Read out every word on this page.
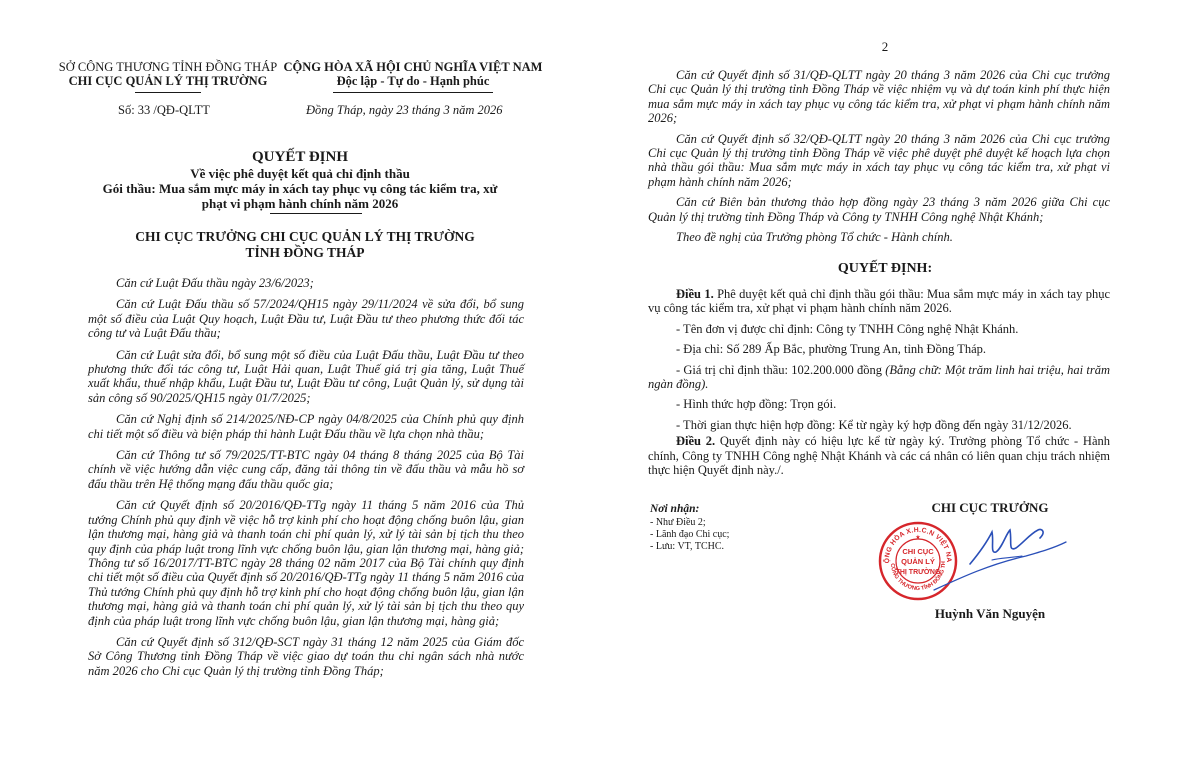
SỞ CÔNG THƯƠNG TỈNH ĐỒNG THÁP
CHI CỤC QUẢN LÝ THỊ TRƯỜNG
CỘNG HÒA XÃ HỘI CHỦ NGHĨA VIỆT NAM
Độc lập - Tự do - Hạnh phúc
Số: 33 /QĐ-QLTT	Đồng Tháp, ngày 23 tháng 3 năm 2026
QUYẾT ĐỊNH
Về việc phê duyệt kết quả chỉ định thầu
Gói thầu: Mua sắm mực máy in xách tay phục vụ công tác kiểm tra, xử
phạt vi phạm hành chính năm 2026
CHI CỤC TRƯỞNG CHI CỤC QUẢN LÝ THỊ TRƯỜNG
TỈNH ĐỒNG THÁP

Căn cứ Luật Đấu thầu ngày 23/6/2023;

Căn cứ Luật Đấu thầu số 57/2024/QH15 ngày 29/11/2024 về sửa đổi, bổ sung một số điều của Luật Quy hoạch, Luật Đầu tư, Luật Đầu tư theo phương thức đối tác công tư và Luật Đấu thầu;

Căn cứ Luật sửa đổi, bổ sung một số điều của Luật Đấu thầu, Luật Đầu tư theo phương thức đối tác công tư, Luật Hải quan, Luật Thuế giá trị gia tăng, Luật Thuế xuất khẩu, thuế nhập khẩu, Luật Đầu tư, Luật Đầu tư công, Luật Quản lý, sử dụng tài sản công số 90/2025/QH15 ngày 01/7/2025;

Căn cứ Nghị định số 214/2025/NĐ-CP ngày 04/8/2025 của Chính phủ quy định chi tiết một số điều và biện pháp thi hành Luật Đấu thầu về lựa chọn nhà thầu;

Căn cứ Thông tư số 79/2025/TT-BTC ngày 04 tháng 8 tháng 2025 của Bộ Tài chính về việc hướng dẫn việc cung cấp, đăng tải thông tin về đấu thầu và mẫu hồ sơ đấu thầu trên Hệ thống mạng đấu thầu quốc gia;

Căn cứ Quyết định số 20/2016/QĐ-TTg ngày 11 tháng 5 năm 2016 của Thủ tướng Chính phủ quy định về việc hỗ trợ kinh phí cho hoạt động chống buôn lậu, gian lận thương mại, hàng giả và thanh toán chi phí quản lý, xử lý tài sản bị tịch thu theo quy định của pháp luật trong lĩnh vực chống buôn lậu, gian lận thương mại, hàng giả; Thông tư số 16/2017/TT-BTC ngày 28 tháng 02 năm 2017 của Bộ Tài chính quy định chi tiết một số điều của Quyết định số 20/2016/QĐ-TTg ngày 11 tháng 5 năm 2016 của Thủ tướng Chính phủ quy định hỗ trợ kinh phí cho hoạt động chống buôn lậu, gian lận thương mại, hàng giả và thanh toán chi phí quản lý, xử lý tài sản bị tịch thu theo quy định của pháp luật trong lĩnh vực chống buôn lậu, gian lận thương mại, hàng giả;

Căn cứ Quyết định số 312/QĐ-SCT ngày 31 tháng 12 năm 2025 của Giám đốc Sở Công Thương tỉnh Đồng Tháp về việc giao dự toán thu chi ngân sách nhà nước năm 2026 cho Chi cục Quản lý thị trường tỉnh Đồng Tháp;

2

Căn cứ Quyết định số 31/QĐ-QLTT ngày 20 tháng 3 năm 2026 của Chi cục trưởng Chi cục Quản lý thị trường tỉnh Đồng Tháp về việc nhiệm vụ và dự toán kinh phí thực hiện mua sắm mực máy in xách tay phục vụ công tác kiểm tra, xử phạt vi phạm hành chính năm 2026;

Căn cứ Quyết định số 32/QĐ-QLTT ngày 20 tháng 3 năm 2026 của Chi cục trưởng Chi cục Quản lý thị trường tỉnh Đồng Tháp về việc phê duyệt phê duyệt kế hoạch lựa chọn nhà thầu gói thầu: Mua sắm mực máy in xách tay phục vụ công tác kiểm tra, xử phạt vi phạm hành chính năm 2026;

Căn cứ Biên bản thương thảo hợp đồng ngày 23 tháng 3 năm 2026 giữa Chi cục Quản lý thị trường tỉnh Đồng Tháp và Công ty TNHH Công nghệ Nhật Khánh;

Theo đề nghị của Trưởng phòng Tổ chức - Hành chính.

QUYẾT ĐỊNH:

Điều 1. Phê duyệt kết quả chỉ định thầu gói thầu: Mua sắm mực máy in xách tay phục vụ công tác kiểm tra, xử phạt vi phạm hành chính năm 2026.

- Tên đơn vị được chỉ định: Công ty TNHH Công nghệ Nhật Khánh.

- Địa chỉ: Số 289 Ấp Bắc, phường Trung An, tỉnh Đồng Tháp.

- Giá trị chỉ định thầu: 102.200.000 đồng (Bằng chữ: Một trăm linh hai triệu, hai trăm ngàn đồng).

- Hình thức hợp đồng: Trọn gói.

- Thời gian thực hiện hợp đồng: Kể từ ngày ký hợp đồng đến ngày 31/12/2026.

Điều 2. Quyết định này có hiệu lực kể từ ngày ký. Trưởng phòng Tổ chức - Hành chính, Công ty TNHH Công nghệ Nhật Khánh và các cá nhân có liên quan chịu trách nhiệm thực hiện Quyết định này./.

Nơi nhận:
- Như Điều 2;
- Lãnh đạo Chi cục;
- Lưu: VT, TCHC.
CHI CỤC TRƯỞNG
ỘNG HÒA X.H.C.N VIỆT NA
CÔNG THƯƠNG TỈNH ĐỒNG TH
CHI CỤC
QUẢN LÝ
THỊ TRƯỜNG
★
Huỳnh Văn Nguyện
